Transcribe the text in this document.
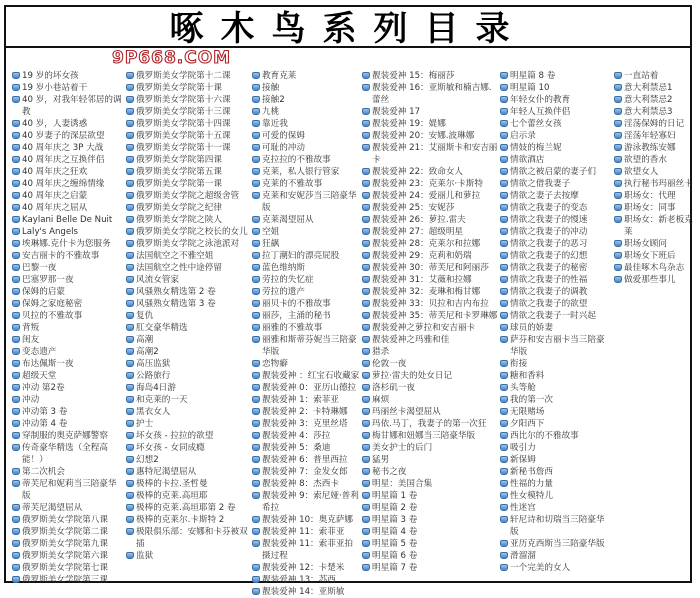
啄木鸟系列目录
9P668.COM
19 岁的坏女孩
19 岁小巷站着干
40 岁，对我年轻邻居的调教
40 岁，人妻诱惑
40 岁妻子的深层欲望
40 周年庆之 3P 大战
40 周年庆之互换伴侣
40 周年庆之狂欢
40 周年庆之缠绵情缘
40 周年庆之启蒙
40 周年庆之屈从
Kaylani Belle De Nuit
Laly's Angels
埃琳娜.克什卡为您服务
安吉丽卡的不雅故事
巴黎一夜
巴塞罗那一夜
保姆的启蒙
保姆之家庭秘密
贝拉的不雅故事
背叛
闺友
变态遗产
布达佩斯一夜
超级天堂
冲动 第2卷
冲动
冲动第 3 卷
冲动第 4 卷
穿制服的奥克萨娜警察
传奇豪华精选（全程高能！）
第二次机会
蒂芙尼和妮莉当三陪豪华版
蒂芙尼渴望屈从
俄罗斯美女学院第八课
俄罗斯美女学院第二课
俄罗斯美女学院第九课
俄罗斯美女学院第六课
俄罗斯美女学院第七课
俄罗斯美女学院第三课
俄罗斯美女学院第十二课
俄罗斯美女学院第十课
俄罗斯美女学院第十六课
俄罗斯美女学院第十三课
俄罗斯美女学院第十四课
俄罗斯美女学院第十五课
俄罗斯美女学院第十一课
俄罗斯美女学院第四课
俄罗斯美女学院第五课
俄罗斯美女学院第一课
俄罗斯美女学院之超级舍管
俄罗斯美女学院之纪律
俄罗斯美女学院之陕人
俄罗斯美女学院之校长的女儿
俄罗斯美女学院之泳池派对
法国航空之不雅空姐
法国航空之性中途停留
风流女管家
风骚熟女精选第 2 卷
风骚熟女精选第 3 卷
复仇
肛交豪华精选
高潮
高潮2
高压监狱
公路旅行
海岛4日游
和克莱的一天
黑衣女人
护士
坏女孩 - 拉拉的欲望
坏女孩 - 女同成瘾
幻想2
惠特尼渴望屈从
极棒的卡拉.圣哲曼
极棒的克莱.高垣耶
极棒的克莱.高垣耶第 2 卷
极棒的克莱尔.卡斯特 2
极限俱乐部：安娜和卡芬被双插
监狱
教育克莱
接触
接触2
九桃
靠近我
可爱的保姆
可耻的冲动
克拉拉的不雅故事
克莱，私人银行管家
克莱的不雅故事
克莱和安妮莎当三陪豪华版
克莱渴望屈从
空姐
狂飙
拉丁潮妇的漂亮屁股
蓝色维纳斯
劳拉的失忆症
劳拉的遗产
丽贝卡的不雅故事
丽莎，主涌的秘书
丽雅的不雅故事
丽雅和斯蒂芬妮当三陪豪华版
恋物癖
靓装爱神 ：红宝石收藏家
靓装爱神 0：亚历山德拉
靓装爱神 1：索菲亚
靓装爱神 2：卡特琳娜
靓装爱神 3：克里丝塔
靓装爱神 4：莎拉
靓装爱神 5：桑迪
靓装爱神 6：普里西拉
靓装爱神 7：金发女郎
靓装爱神 8：杰西卡
靓装爱神 9：索尼娅·普利希拉
靓装爱神 10：奥克萨娜
靓装爱神 11：索菲亚
靓装爱神 11：索菲亚拍摄过程
靓装爱神 12：卡楚米
靓装爱神 13：苏西
靓装爱神 14：亚斯敏
靓装爱神 15：梅丽莎
靓装爱神 16：亚斯敏和楠吉娜.蕾丝
靓装爱神 17
靓装爱神 19：媞娜
靓装爱神 20：安娜.波琳娜
靓装爱神 21：艾丽斯卡和安吉丽卡
靓装爱神 22：致命女人
靓装爱神 23：克莱尔·卡斯特
靓装爱神 24：爱丽儿和萝拉
靓装爱神 25：安妮莎
靓装爱神 26：萝拉.雷夫
靓装爱神 27：超级明星
靓装爱神 28：克莱尔和拉娜
靓装爱神 29：克莉和奶瑞
靓装爱神 30：蒂芙尼和阿丽莎
靓装爱神 31：艾薇和拉娜
靓装爱神 32：麦琳和梅甘娜
靓装爱神 33：贝拉和吉内布拉
靓装爱神 35：蒂芙尼和卡罗琳娜
靓装爱神之萝拉和安吉丽卡
靓装爱神之玛雅和佳
猎杀
伦敦一夜
萝拉·雷夫的处女日记
洛杉矶一夜
麻烦
玛丽丝卡渴望屈从
玛依.马丁，我妻子的第一次狂
梅甘娜和妞娜当三陪豪华版
美女护士的后门
猛男
秘书之夜
明星：美国合集
明星篇 1 卷
明星篇 2 卷
明星篇 3 卷
明星篇 4 卷
明星篇 5 卷
明星篇 6 卷
明星篇 7 卷
明星篇 8 卷
明星篇 10
年轻女仆的教育
年轻人互换伴侣
七个蕾丝女孩
启示录
情妓的梅兰妮
情欲酒店
情欲之被启蒙的妻子们
情欲之借我妻子
情欲之妻子去按摩
情欲之我妻子的变态
情欲之我妻子的慢速
情欲之我妻子的冲动
情欲之我妻子的恶习
情欲之我妻子的幻想
情欲之我妻子的秘密
情欲之我妻子的性福
情欲之我妻子的调教
情欲之我妻子的欲望
情欲之我妻子一时兴起
球员的娇妻
萨芬和安吉丽卡当三陪豪华版
衔接
糖和香料
头等舱
我的第一次
无限赌场
夕阳西下
西比尔的不雅故事
吸引力
新保姆
新秘书詹西
性福的力量
性女模特儿
性迷宫
轩尼诗和切瑞当三陪豪华版
亚历克西斯当三陪豪华版
滑溜溜
一个完美的女人
一直站着
意大利禁忌1
意大利禁忌2
意大利禁忌3
淫荡保姆的日记
淫荡年轻寡妇
游泳教练安娜
欲望的香水
欲望女人
执行秘书玛丽丝卡
职场女：代理
职场女：同事
职场女：新老板克莱
职场女顾问
职场女下班后
最佳啄木鸟杂志
做爱那些事儿
